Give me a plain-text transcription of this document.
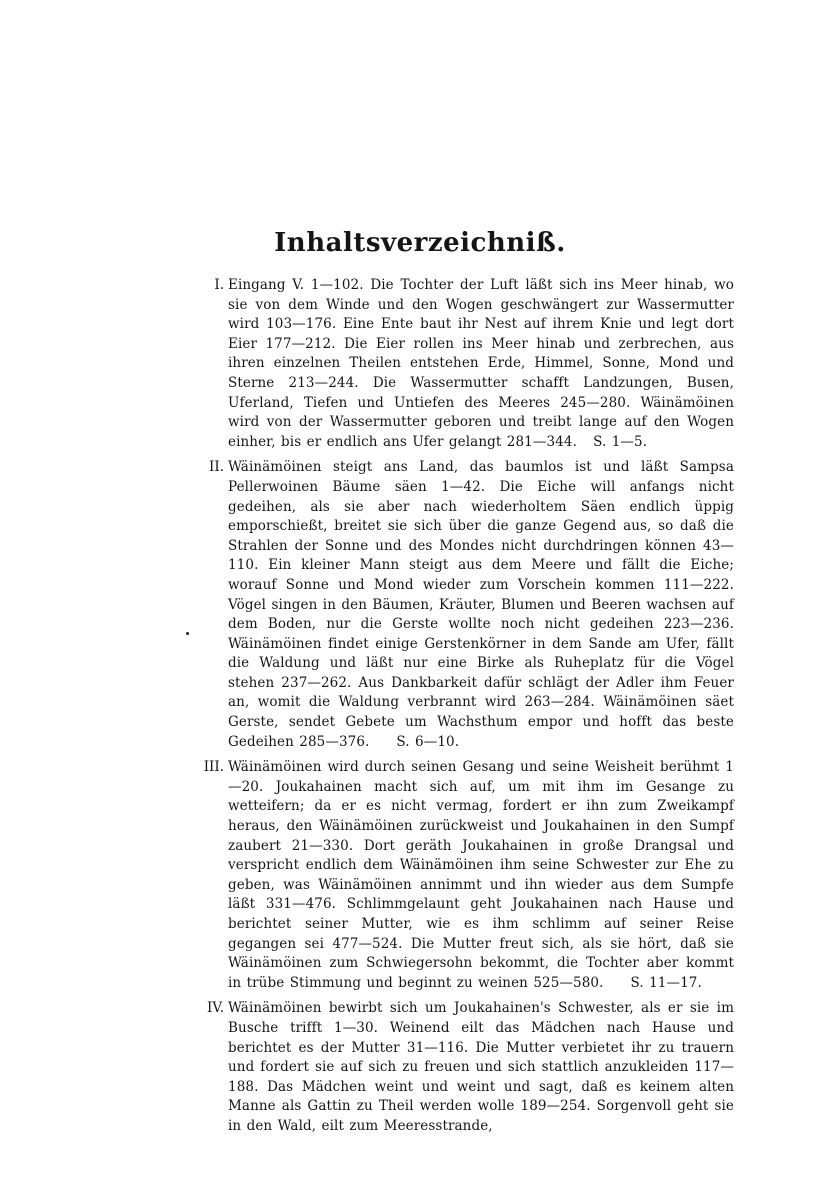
Inhaltsverzeichniß.
I. Eingang V. 1—102. Die Tochter der Luft läßt sich ins Meer hinab, wo sie von dem Winde und den Wogen geschwängert zur Wassermutter wird 103—176. Eine Ente baut ihr Nest auf ihrem Knie und legt dort Eier 177—212. Die Eier rollen ins Meer hinab und zerbrechen, aus ihren einzelnen Theilen entstehen Erde, Himmel, Sonne, Mond und Sterne 213—244. Die Wassermutter schafft Landzungen, Busen, Uferland, Tiefen und Untiefen des Meeres 245—280. Wäinämöinen wird von der Wassermutter geboren und treibt lange auf den Wogen einher, bis er endlich ans Ufer gelangt 281—344. S. 1—5.

II. Wäinämöinen steigt ans Land, das baumlos ist und läßt Sampsa Pellerwoinen Bäume säen 1—42. Die Eiche will anfangs nicht gedeihen, als sie aber nach wiederholtem Säen endlich üppig emporschießt, breitet sie sich über die ganze Gegend aus, so daß die Strahlen der Sonne und des Mondes nicht durchdringen können 43—110. Ein kleiner Mann steigt aus dem Meere und fällt die Eiche; worauf Sonne und Mond wieder zum Vorschein kommen 111—222. Vögel singen in den Bäumen, Kräuter, Blumen und Beeren wachsen auf dem Boden, nur die Gerste wollte noch nicht gedeihen 223—236. Wäinämöinen findet einige Gerstenkörner in dem Sande am Ufer, fällt die Waldung und läßt nur eine Birke als Ruheplatz für die Vögel stehen 237—262. Aus Dankbarkeit dafür schlägt der Adler ihm Feuer an, womit die Waldung verbrannt wird 263—284. Wäinämöinen säet Gerste, sendet Gebete um Wachsthum empor und hofft das beste Gedeihen 285—376. S. 6—10.

III. Wäinämöinen wird durch seinen Gesang und seine Weisheit berühmt 1—20. Joukahainen macht sich auf, um mit ihm im Gesange zu wetteifern; da er es nicht vermag, fordert er ihn zum Zweikampf heraus, den Wäinämöinen zurückweist und Joukahainen in den Sumpf zaubert 21—330. Dort geräth Joukahainen in große Drangsal und verspricht endlich dem Wäinämöinen ihm seine Schwester zur Ehe zu geben, was Wäinämöinen annimmt und ihn wieder aus dem Sumpfe läßt 331—476. Schlimmgelaunt geht Joukahainen nach Hause und berichtet seiner Mutter, wie es ihm schlimm auf seiner Reise gegangen sei 477—524. Die Mutter freut sich, als sie hört, daß sie Wäinämöinen zum Schwiegersohn bekommt, die Tochter aber kommt in trübe Stimmung und beginnt zu weinen 525—580. S. 11—17.

IV. Wäinämöinen bewirbt sich um Joukahainen's Schwester, als er sie im Busche trifft 1—30. Weinend eilt das Mädchen nach Hause und berichtet es der Mutter 31—116. Die Mutter verbietet ihr zu trauern und fordert sie auf sich zu freuen und sich stattlich anzukleiden 117—188. Das Mädchen weint und weint und sagt, daß es keinem alten Manne als Gattin zu Theil werden wolle 189—254. Sorgenvoll geht sie in den Wald, eilt zum Meeresstrande,
